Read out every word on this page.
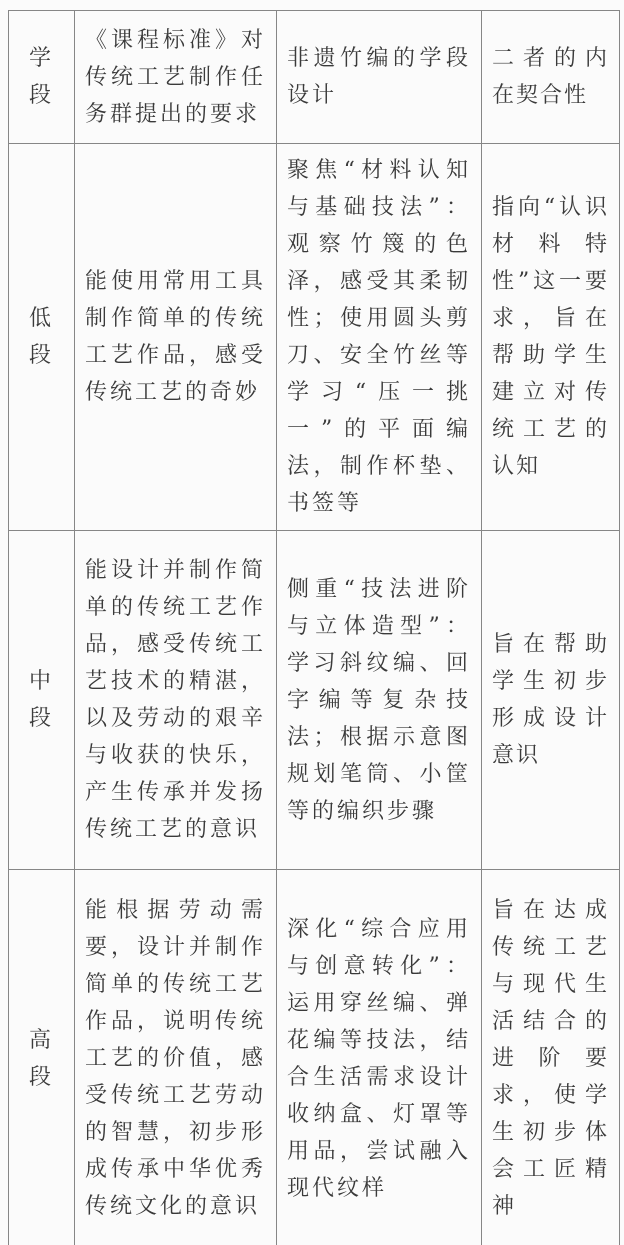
学段	《课程标准》对传统工艺制作任务群提出的要求	非遗竹编的学段设计	二者的内在契合性

低段	能使用常用工具制作简单的传统工艺作品，感受传统工艺的奇妙	聚焦“材料认知与基础技法”：观察竹篾的色泽，感受其柔韧性；使用圆头剪刀、安全竹丝等学习“压一挑一”的平面编法，制作杯垫、书签等	指向“认识材料特性”这一要求，旨在帮助学生建立对传统工艺的认知

中段	能设计并制作简单的传统工艺作品，感受传统工艺技术的精湛，以及劳动的艰辛与收获的快乐，产生传承并发扬传统工艺的意识	侧重“技法进阶与立体造型”：学习斜纹编、回字编等复杂技法；根据示意图规划笔筒、小筐等的编织步骤	旨在帮助学生初步形成设计意识

高段	能根据劳动需要，设计并制作简单的传统工艺作品，说明传统工艺的价值，感受传统工艺劳动的智慧，初步形成传承中华优秀传统文化的意识	深化“综合应用与创意转化”：运用穿丝编、弹花编等技法，结合生活需求设计收纳盒、灯罩等用品，尝试融入现代纹样	旨在达成传统工艺与现代生活结合的进阶要求，使学生初步体会工匠精神
